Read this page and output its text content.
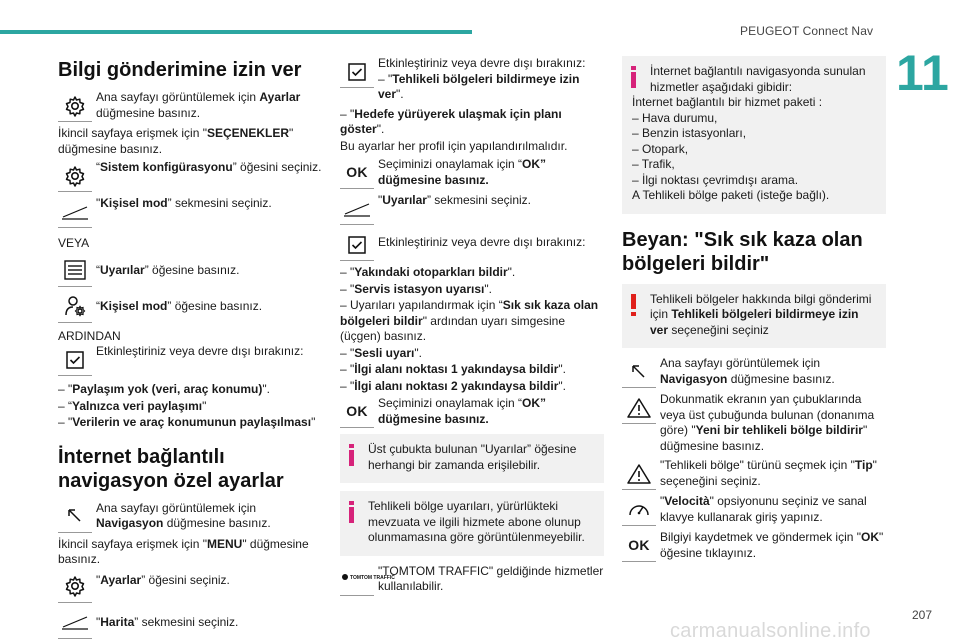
PEUGEOT Connect Nav
11
Bilgi gönderimine izin ver
Ana sayfayı görüntülemek için Ayarlar düğmesine basınız.
İkincil sayfaya erişmek için "SEÇENEKLER" düğmesine basınız.
“Sistem konfigürasyonu” öğesini seçiniz.
"Kişisel mod” sekmesini seçiniz.
VEYA
“Uyarılar” öğesine basınız.
“Kişisel mod” öğesine basınız.
ARDINDAN
Etkinleştiriniz veya devre dışı bırakınız:
– "Paylaşım yok (veri, araç konumu)".
– “Yalnızca veri paylaşımı"
– "Verilerin ve araç konumunun paylaşılması"
İnternet bağlantılı navigasyon özel ayarlar
Ana sayfayı görüntülemek için Navigasyon düğmesine basınız.
İkincil sayfaya erişmek için "MENU" düğmesine basınız.
"Ayarlar” öğesini seçiniz.
"Harita” sekmesini seçiniz.
Etkinleştiriniz veya devre dışı bırakınız:
– "Tehlikeli bölgeleri bildirmeye izin ver".
– "Hedefe yürüyerek ulaşmak için planı göster".
Bu ayarlar her profil için yapılandırılmalıdır.
OK Seçiminizi onaylamak için “OK” düğmesine basınız.
"Uyarılar” sekmesini seçiniz.
Etkinleştiriniz veya devre dışı bırakınız:
– "Yakındaki otoparkları bildir".
– "Servis istasyon uyarısı".
– Uyarıları yapılandırmak için “Sık sık kaza olan bölgeleri bildir" ardından uyarı simgesine (üçgen) basınız.
– "Sesli uyarı".
– "İlgi alanı noktası 1 yakındaysa bildir".
– "İlgi alanı noktası 2 yakındaysa bildir".
OK Seçiminizi onaylamak için “OK” düğmesine basınız.
Üst çubukta bulunan "Uyarılar” öğesine herhangi bir zamanda erişilebilir.
Tehlikeli bölge uyarıları, yürürlükteki mevzuata ve ilgili hizmete abone olunup olunmamasına göre görüntülenmeyebilir.
TOMTOM TRAFFIC
"TOMTOM TRAFFIC" geldiğinde hizmetler kullanılabilir.
İnternet bağlantılı navigasyonda sunulan hizmetler aşağıdaki gibidir:
İnternet bağlantılı bir hizmet paketi :
– Hava durumu,
– Benzin istasyonları,
– Otopark,
– Trafik,
– İlgi noktası çevrimdışı arama.
A Tehlikeli bölge paketi (isteğe bağlı).
Beyan: "Sık sık kaza olan bölgeleri bildir"
Tehlikeli bölgeler hakkında bilgi gönderimi için Tehlikeli bölgeleri bildirmeye izin ver seçeneğini seçiniz
Ana sayfayı görüntülemek için Navigasyon düğmesine basınız.
Dokunmatik ekranın yan çubuklarında veya üst çubuğunda bulunan (donanıma göre) "Yeni bir tehlikeli bölge bildirir" düğmesine basınız.
"Tehlikeli bölge" türünü seçmek için "Tip" seçeneğini seçiniz.
"Velocità" opsiyonunu seçiniz ve sanal klavye kullanarak giriş yapınız.
OK Bilgiyi kaydetmek ve göndermek için "OK" öğesine tıklayınız.
207
carmanualsonline.info
